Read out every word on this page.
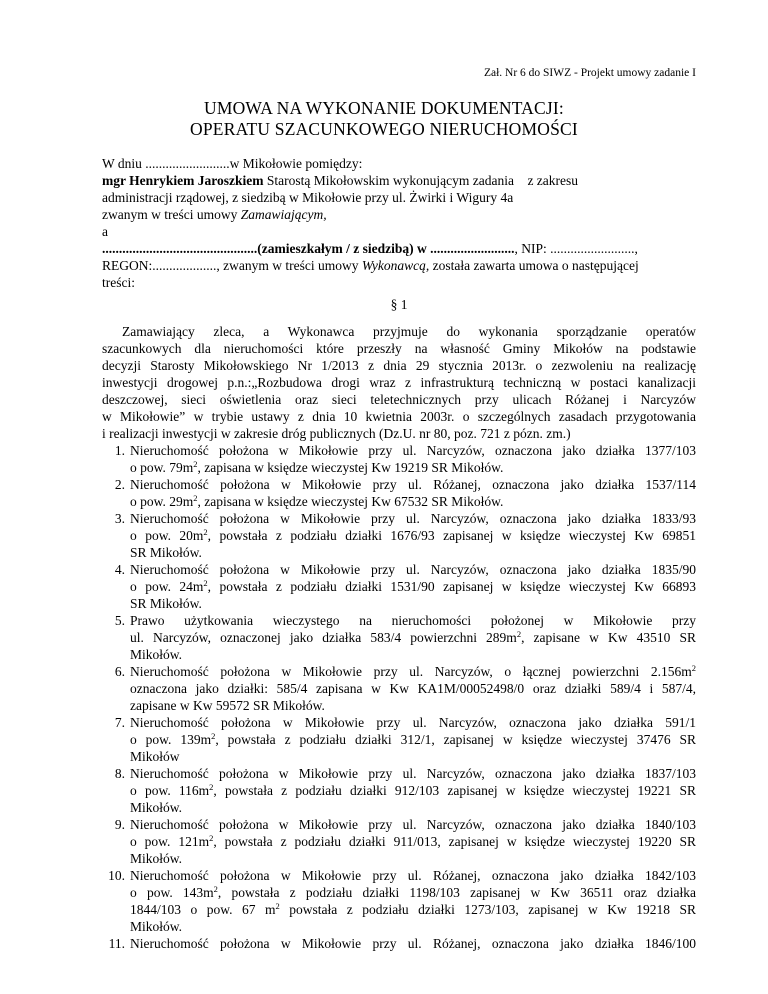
Zał. Nr 6 do SIWZ - Projekt umowy zadanie I
UMOWA NA WYKONANIE DOKUMENTACJI:
OPERATU SZACUNKOWEGO NIERUCHOMOŚCI
W dniu .........................w Mikołowie pomiędzy:
mgr Henrykiem Jaroszkiem Starostą Mikołowskim wykonującym zadania    z zakresu
administracji rządowej, z siedzibą w Mikołowie przy ul. Żwirki i Wigury 4a
zwanym w treści umowy Zamawiającym,
a
..............................................(zamieszkałym / z siedzibą) w ........................., NIP: .........................,
REGON:..................., zwanym w treści umowy Wykonawcą, została zawarta umowa o następującej
treści:
§ 1
Zamawiający zleca, a Wykonawca przyjmuje do wykonania sporządzanie operatów
szacunkowych dla nieruchomości które przeszły na własność Gminy Mikołów na podstawie
decyzji Starosty Mikołowskiego Nr 1/2013 z dnia 29 stycznia 2013r. o zezwoleniu na realizację
inwestycji drogowej p.n.:„Rozbudowa drogi wraz z infrastrukturą techniczną w postaci kanalizacji
deszczowej, sieci oświetlenia oraz sieci teletechnicznych przy ulicach Różanej i Narcyzów
w Mikołowie” w trybie ustawy z dnia 10 kwietnia 2003r. o szczególnych zasadach przygotowania
i realizacji inwestycji w zakresie dróg publicznych (Dz.U. nr 80, poz. 721 z pózn. zm.)
1. Nieruchomość położona w Mikołowie przy ul. Narcyzów, oznaczona jako działka 1377/103
o pow. $79m^2$, zapisana w księdze wieczystej Kw 19219 SR Mikołów.
2. Nieruchomość położona w Mikołowie przy ul. Różanej, oznaczona jako działka 1537/114
o pow. $29m^2$, zapisana w księdze wieczystej Kw 67532 SR Mikołów.
3. Nieruchomość położona w Mikołowie przy ul. Narcyzów, oznaczona jako działka 1833/93
o pow. $20m^2$, powstała z podziału działki 1676/93 zapisanej w księdze wieczystej Kw 69851
SR Mikołów.
4. Nieruchomość położona w Mikołowie przy ul. Narcyzów, oznaczona jako działka 1835/90
o pow. $24m^2$, powstała z podziału działki 1531/90 zapisanej w księdze wieczystej Kw 66893
SR Mikołów.
5. Prawo użytkowania wieczystego na nieruchomości położonej w Mikołowie przy
ul. Narcyzów, oznaczonej jako działka 583/4 powierzchni $289m^2$, zapisane w Kw 43510 SR
Mikołów.
6. Nieruchomość położona w Mikołowie przy ul. Narcyzów, o łącznej powierzchni $2.156m^2$
oznaczona jako działki: 585/4 zapisana w Kw KA1M/00052498/0 oraz działki 589/4 i 587/4,
zapisane w Kw 59572 SR Mikołów.
7. Nieruchomość położona w Mikołowie przy ul. Narcyzów, oznaczona jako działka 591/1
o pow. $139m^2$, powstała z podziału działki 312/1, zapisanej w księdze wieczystej 37476 SR
Mikołów
8. Nieruchomość położona w Mikołowie przy ul. Narcyzów, oznaczona jako działka 1837/103
o pow. $116m^2$, powstała z podziału działki 912/103 zapisanej w księdze wieczystej 19221 SR
Mikołów.
9. Nieruchomość położona w Mikołowie przy ul. Narcyzów, oznaczona jako działka 1840/103
o pow. $121m^2$, powstała z podziału działki 911/013, zapisanej w księdze wieczystej 19220 SR
Mikołów.
10. Nieruchomość położona w Mikołowie przy ul. Różanej, oznaczona jako działka 1842/103
o pow. $143m^2$, powstała z podziału działki 1198/103 zapisanej w Kw 36511 oraz działka
1844/103 o pow. 67 $m^2$ powstała z podziału działki 1273/103, zapisanej w Kw 19218 SR
Mikołów.
11. Nieruchomość położona w Mikołowie przy ul. Różanej, oznaczona jako działka 1846/100
